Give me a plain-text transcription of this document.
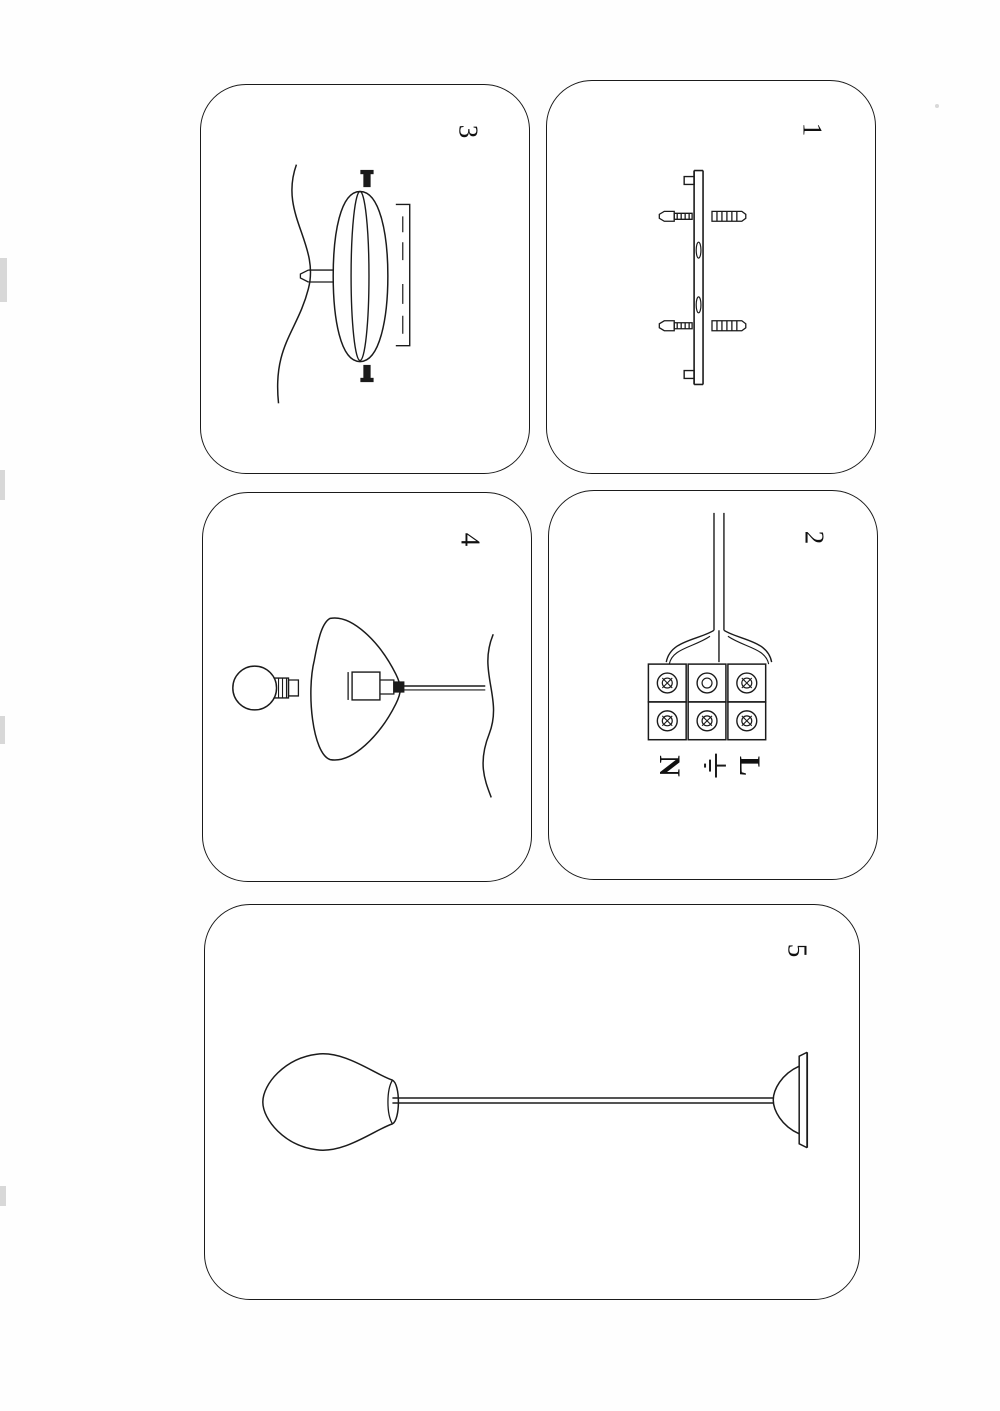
1
3
2
N L
4
5
